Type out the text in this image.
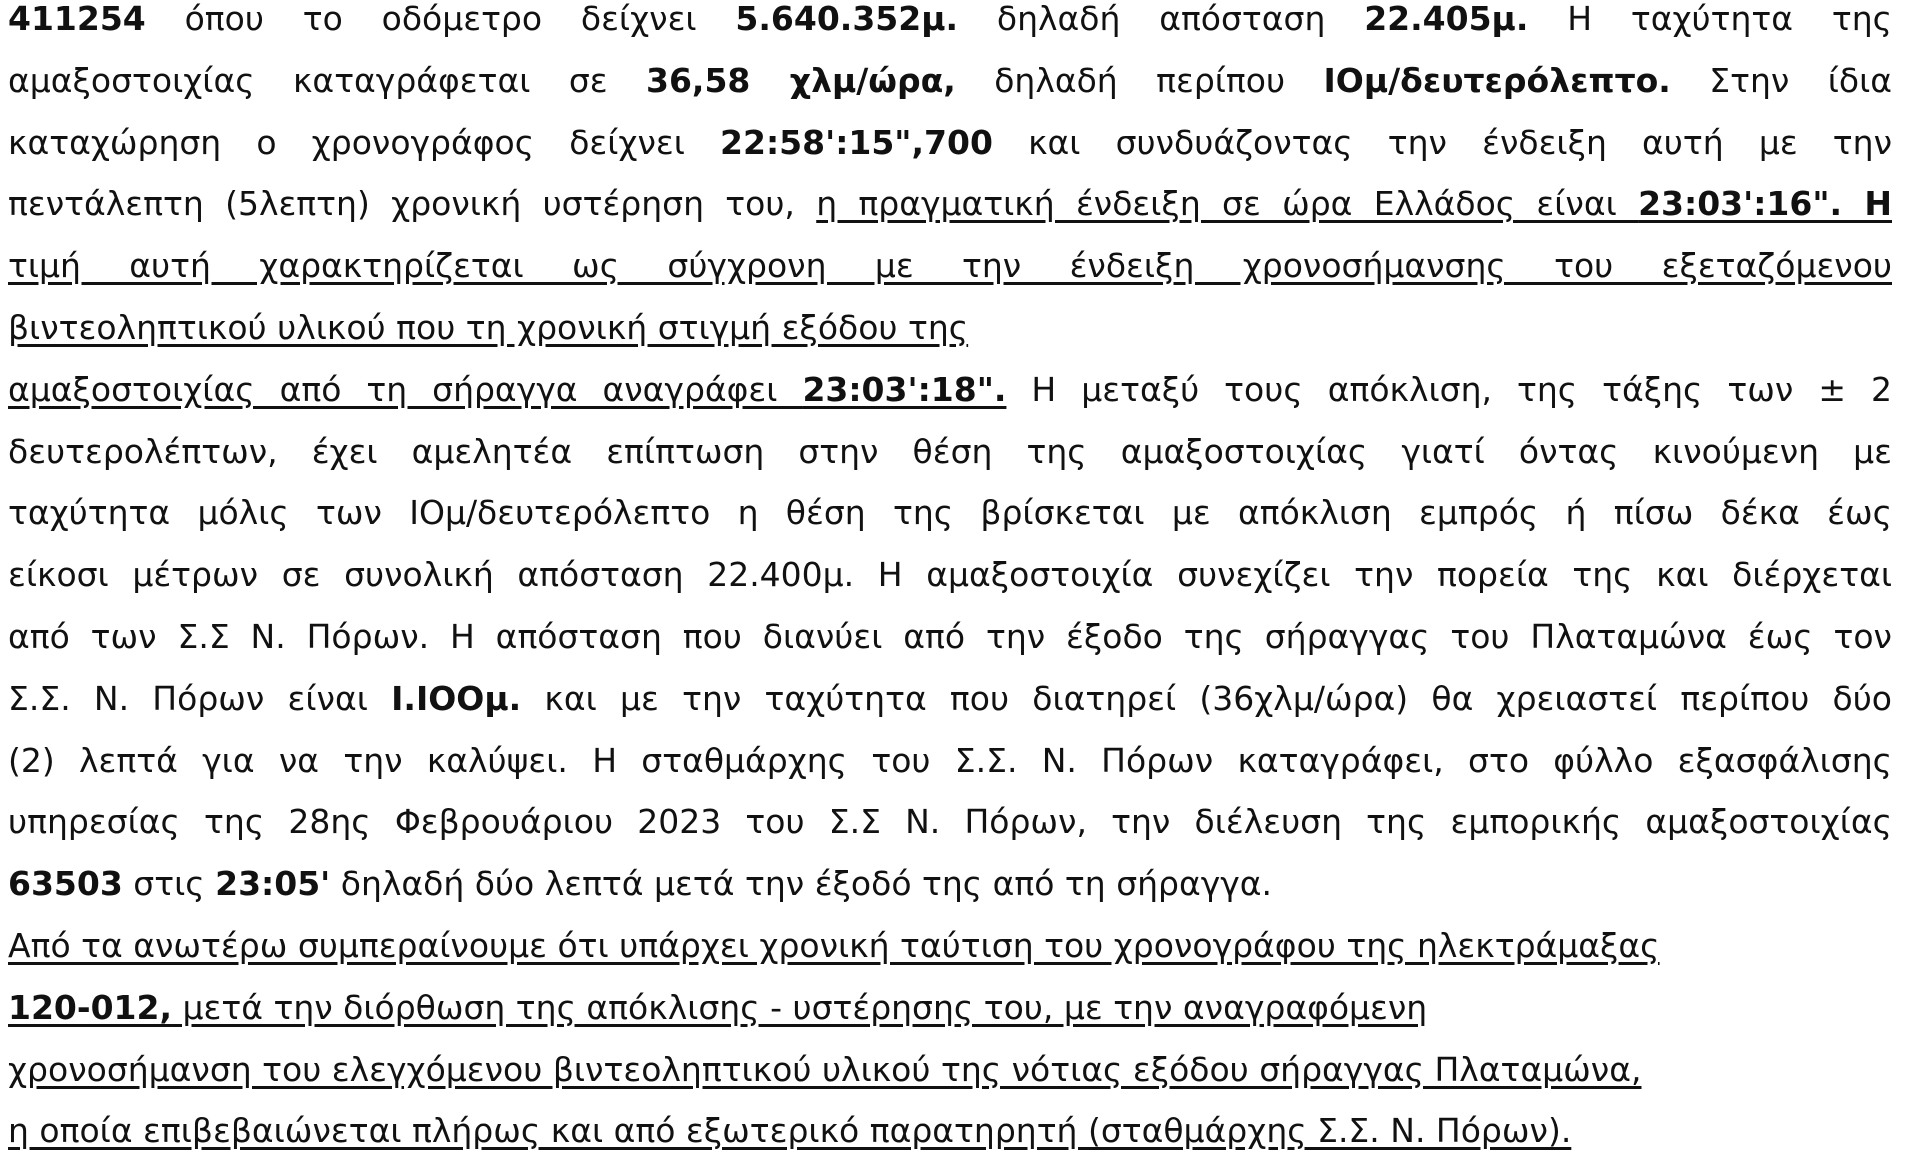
411254 όπου το οδόμετρο δείχνει 5.640.352μ. δηλαδή απόσταση 22.405μ. Η ταχύτητα της
αμαξοστοιχίας καταγράφεται σε 36,58 χλμ/ώρα, δηλαδή περίπου ΙΟμ/δευτερόλεπτο. Στην ίδια
καταχώρηση ο χρονογράφος δείχνει 22:58':15",700 και συνδυάζοντας την ένδειξη αυτή με την
πεντάλεπτη (5λεπτη) χρονική υστέρηση του, η πραγματική ένδειξη σε ώρα Ελλάδος είναι 23:03':16". Η
τιμή αυτή χαρακτηρίζεται ως σύγχρονη με την ένδειξη χρονοσήμανσης του εξεταζόμενου
βιντεοληπτικού υλικού που τη χρονική στιγμή εξόδου της
αμαξοστοιχίας από τη σήραγγα αναγράφει 23:03':18". Η μεταξύ τους απόκλιση, της τάξης των ± 2
δευτερολέπτων, έχει αμελητέα επίπτωση στην θέση της αμαξοστοιχίας γιατί όντας κινούμενη με
ταχύτητα μόλις των ΙΟμ/δευτερόλεπτο η θέση της βρίσκεται με απόκλιση εμπρός ή πίσω δέκα έως
είκοσι μέτρων σε συνολική απόσταση 22.400μ. Η αμαξοστοιχία συνεχίζει την πορεία της και διέρχεται
από των Σ.Σ Ν. Πόρων. Η απόσταση που διανύει από την έξοδο της σήραγγας του Πλαταμώνα έως τον
Σ.Σ. Ν. Πόρων είναι Ι.ΙΟΟμ. και με την ταχύτητα που διατηρεί (36χλμ/ώρα) θα χρειαστεί περίπου δύο
(2) λεπτά για να την καλύψει. Η σταθμάρχης του Σ.Σ. Ν. Πόρων καταγράφει, στο φύλλο εξασφάλισης
υπηρεσίας της 28ης Φεβρουάριου 2023 του Σ.Σ Ν. Πόρων, την διέλευση της εμπορικής αμαξοστοιχίας
63503 στις 23:05' δηλαδή δύο λεπτά μετά την έξοδό της από τη σήραγγα.
Από τα ανωτέρω συμπεραίνουμε ότι υπάρχει χρονική ταύτιση του χρονογράφου της ηλεκτράμαξας
120-012, μετά την διόρθωση της απόκλισης - υστέρησης του, με την αναγραφόμενη
χρονοσήμανση του ελεγχόμενου βιντεοληπτικού υλικού της νότιας εξόδου σήραγγας Πλαταμώνα,
η οποία επιβεβαιώνεται πλήρως και από εξωτερικό παρατηρητή (σταθμάρχης Σ.Σ. Ν. Πόρων).
